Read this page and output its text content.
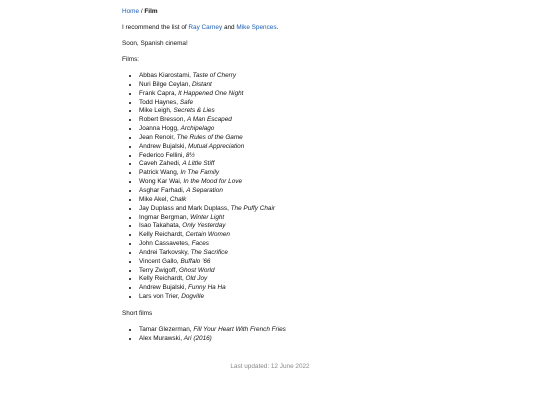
Home / Film

I recommend the list of Ray Carney and Mike Spences.

Soon, Spanish cinema!

Films:

• Abbas Kiarostami, Taste of Cherry
• Nuri Bilge Ceylan, Distant
• Frank Capra, It Happened One Night
• Todd Haynes, Safe
• Mike Leigh, Secrets & Lies
• Robert Bresson, A Man Escaped
• Joanna Hogg, Archipelago
• Jean Renoir, The Rules of the Game
• Andrew Bujalski, Mutual Appreciation
• Federico Fellini, 8½
• Caveh Zahedi, A Little Stiff
• Patrick Wang, In The Family
• Wong Kar Wai, In the Mood for Love
• Asghar Farhadi, A Separation
• Mike Akel, Chalk
• Jay Duplass and Mark Duplass, The Puffy Chair
• Ingmar Bergman, Winter Light
• Isao Takahata, Only Yesterday
• Kelly Reichardt, Certain Women
• John Cassavetes, Faces
• Andrei Tarkovsky, The Sacrifice
• Vincent Gallo, Buffalo '66
• Terry Zwigoff, Ghost World
• Kelly Reichardt, Old Joy
• Andrew Bujalski, Funny Ha Ha
• Lars von Trier, Dogville

Short films

• Tamar Glezerman, Fill Your Heart With French Fries
• Alex Murawski, Ari (2016)
Last updated: 12 June 2022
